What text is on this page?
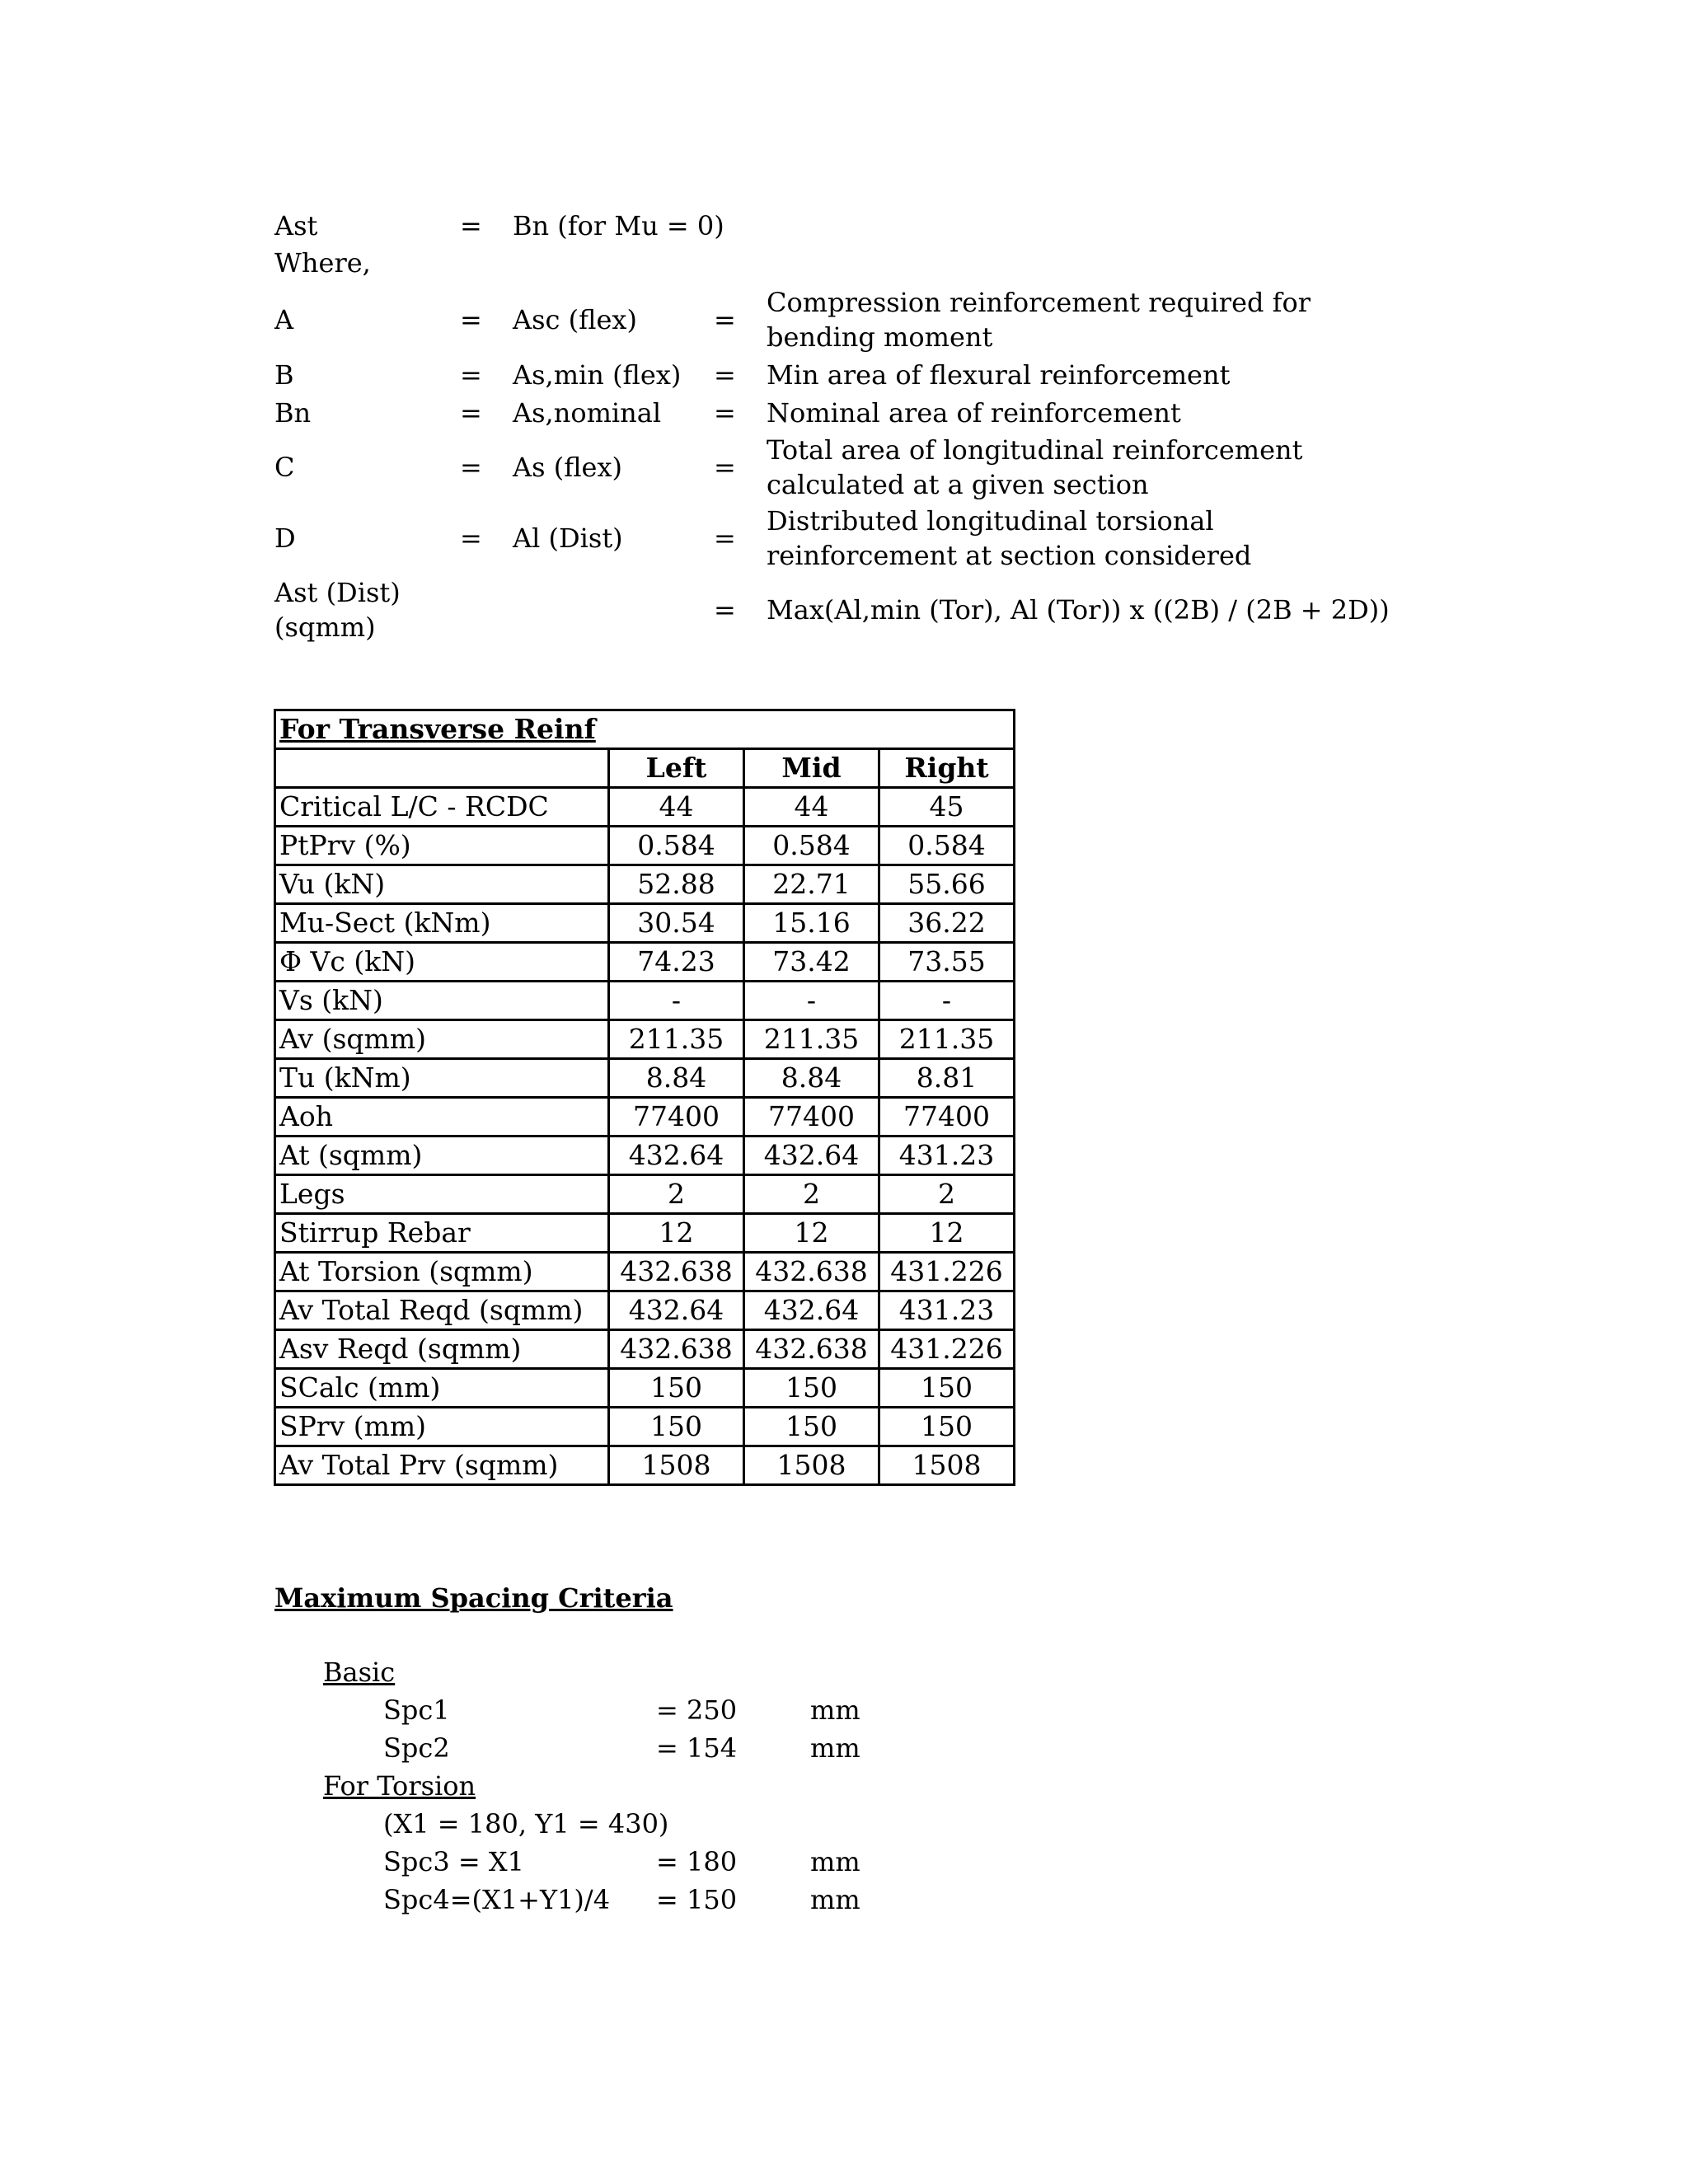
Ast	= Bn (for Mu = 0)
Where,
A	= Asc (flex)	=
Compression reinforcement required for bending moment
B	= As,min (flex) = Min area of flexural reinforcement
Bn	= As,nominal = Nominal area of reinforcement
C	= As (flex)	=
Total area of longitudinal reinforcement calculated at a given section
D	= Al (Dist)	=
Distributed longitudinal torsional reinforcement at section considered
Ast (Dist)
(sqmm)
= Max(Al,min (Tor), Al (Tor)) x ((2B) / (2B + 2D))
For Transverse Reinf			
	Left	Mid	Right
Critical L/C - RCDC	44	44	45
PtPrv (%)	0.584	0.584	0.584
Vu (kN)	52.88	22.71	55.66
Mu-Sect (kNm)	30.54	15.16	36.22
Φ Vc (kN)	74.23	73.42	73.55
Vs (kN)	-	-	-
Av (sqmm)	211.35	211.35	211.35
Tu (kNm)	8.84	8.84	8.81
Aoh	77400	77400	77400
At (sqmm)	432.64	432.64	431.23
Legs	2	2	2
Stirrup Rebar	12	12	12
At Torsion (sqmm)	432.638	432.638	431.226
Av Total Reqd (sqmm)	432.64	432.64	431.23
Asv Reqd (sqmm)	432.638	432.638	431.226
SCalc (mm)	150	150	150
SPrv (mm)	150	150	150
Av Total Prv (sqmm)	1508	1508	1508
Maximum Spacing Criteria
Basic
Spc1	= 250	mm
Spc2	= 154	mm
For Torsion
(X1 = 180, Y1 = 430)
Spc3 = X1	= 180	mm
Spc4=(X1+Y1)/4 = 150	mm
